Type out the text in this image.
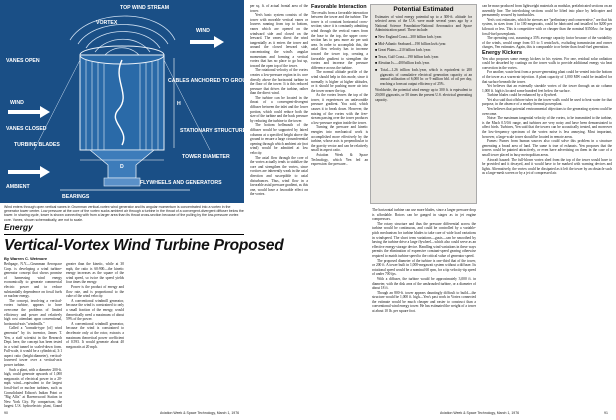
TOP WIND STREAM
VORTEX
WIND
VANES OPEN
CABLES ANCHORED TO GRO
VANES CLOSED
TURBINE BLADES
STATIONARY STRUCTURE
TOWER DIAMETER
FLYWHEELS AND GENERATORS
AMBIENT
BEARINGS
WIND
D
H
Wind enters through open vertical vanes in Grumman vertical-vortex wind generator and its angular momentum is concentrated into a vortex in the generator tower center. Low pressure at the core of the vortex sucks ambient air through a turbine in the throat of a convergent-divergent diffuser below the tower. In sharing cycle, tower is shown connecting with from a larger area than its throat cross-section because of the pulling by the low-pressure vortex core. Vanes, shown schematically, are not to scale.
Energy
Vertical-Vortex Wind Turbine Proposed
By Warren C. Wetmore

Bethpage, N.Y.—Grumman Aerospace Corp. is developing a wind turbine-generator concept that shows promise of harnessing wind energy economically to generate commercial electric power and to reduce substantially dependence on fossil fuels or nuclear energy.

The concept, involving a vertical-vortex turbine, appears to have overcome the problems of limited efficiency and power and relatively high cost attendant upon conventional, horizontal-axis "windmills."

Called a "tornado-type [of] wind generator" by its inventor, James T. Yen, a staff scientist in the Research Dept. here, the concept has been tested in a wind tunnel in scaled-down form. Full-scale, it would be a cylindrical, 3:1 aspect ratio (height:diameter), vertical-louvered tower over a vertical-axis power turbine.

Such a plant, with a diameter 200-ft. high, could generate upwards of 1,000 megawatts of electrical power in a 20-mph. wind—equivalent to the largest fossil-fuel or nuclear turbines, such as Consolidated Edison's Indian Point or "Big Allis" at Ravenswood Station in New York City. By comparison, the largest U.S. hydroelectric plant, Grand

greater than the kinetic, while at 30 mph, the ratio is 60:900—the kinetic energy increases as the square of the wind speed, so twice the speed yields four times the energy.

Power is the product of energy and flow rate, and is proportional to the cube of the wind velocity.

A conventional windmill generator, because the wind is constrained to only a small fraction of the energy, would theoretically need a maximum of about 59% of the power.

A conventional windmill generator, because the wind is constrained to decelerate only at the rotor, extracts a maximum theoretical power coefficient of 0.593. It would generate about 40 megawatts at 20 mph.

per sq. ft. of actual frontal area of the tower.

Yen's basic system consists of the tower with movable vertical vanes or louvers running from top to bottom, vanes which are opened on the windward side and closed on the leeward. The vanes direct the wind tangentially as it enters the tower and around the closed leeward side, concentrating the wind's angular momentum and forming a vertical vortex that has no place to go but up, toward the open top of the tower.

The rotational velocity of the vortex creates a low-pressure region in its core directly above the horizontal turbine in the floor of the tower. It is this reduced pressure that drives the turbine, rather than the direct wind.

The turbine can be located in the throat of a convergent-divergent diffuser between the inlet and the lower portion, which could reduce both the size of the turbine and the back pressure by reducing the turbine to the tower.

The bottom bellmouth of the diffuser would be supported by faired columns at a specified height above the ground to ensure a large circumferential opening through which ambient air (not wind) would be admitted at low velocity.

The axial flow through the core of the vortex actually tends to stabilize the core and strengthen the vortex, since vortices are inherently weak in the axial direction and susceptible to axial disturbances. Thus, wind flow in a favorable axial pressure gradient, as this one, would have a favorable effect on the vortex.

Favorable Interaction

The results from a favorable interaction between the tower and the turbine. The tower is of constant horizontal cross-section; since it is constantly admitting wind through the vertical vanes from the base to the top, the upper cross-section has to pass more air per unit area. In order to accomplish this, the axial flow velocity has to increase toward the tower top, creating a favorable gradient to strengthen the vortex and increase the pressure difference across the turbine.

The normal altitude profile of the wind should help in this mode, since it normally is higher at higher altitudes, or it should be pushing more air into the tower nearer the top.

As the vortex leaves the top of the tower, it experiences an unfavorable pressure gradient. You said, which causes it to break down. However, the mixing of the vortex with the free-stream passing over the tower produces a low-pressure region inside the tower.

Turning the pressure and kinetic energies into mechanical work is accomplished more effectively by the turbine, whose axis is perpendicular to the gravity vector and can be relatively small in aspect ratio.

Aviation Week & Space Technology, which Yen fed an expression: the pressure...

Potential Estimated

Estimates of wind energy potential up to a 300-ft. altitude for selected areas of the U.S. were made several years ago by a National Science Foundation-National Aeronautics and Space Administration panel. These include:

■ New England Coast—300 billion kwh./year.

■ Mid-Atlantic Seaboard—190 billion kwh./year.

■ Great Plains—210 billion kwh./year.

■ Texas, Gulf Coast—190 billion kwh./year.

■ Aleutian Is.—400 billion kwh./year.

■ Total—1.26 trillion kwh./year, which is equivalent to 200 gigawatts of cumulative electrical generation capacity at an annual utilization of 6,000 hr. or 9 million bbl. of oil per day, reaching a forecast output efficiency of 25%.

Worldwide, the potential wind energy up to 300 ft. is equivalent to 20,000 gigawatts, or 50 times the present U.S. electrical generating capacity.

The horizontal turbine can use more blades, since a larger pressure drop is affordable. Rotors can be ganged in stages as in jet engine compressors.

The rotary structure and thus the pressure differential across the turbine would be continuous, and could be controlled by a variable-pitch mechanism for turbine blades to take care of wide load variations in windspeed. The short term variations—gusts—can be smoothed by having the turbine drive a large flywheel—which also could serve as an effective energy-storage device. Handling wind variations in these ways permits the elimination of expensive constant-speed gearing otherwise required to match turbine speed to the critical value of generator speed.

The proposed diameter of the turbine is one-third that of the tower, or 200 ft. A tower built in 1,000-megawatt system without a diffuser. Its rotational speed would be a nominal 60 rpm, for a tip velocity-tip speed of under 700 fps.

With a diffuser, the turbine would be approximately 3,000 ft. in diameter, with the disk area of the unshrouded turbine, or a diameter of about 18 ft.

Though an 800-ft. tower appears dauntingly difficult to build—the structure would be 1,000 ft. high—Yen's past work in Vortex connected the estimate would be much cheaper and easier to construct than a conventional wind energy tower. He has estimated the weight of a tower at about 10 lb. per square foot.

can be mass-produced from lightweight materials as modular, prefabricated sections on an assembly line. The interlocking sections could be lifted into place by helicopter and permanently secured by turnbuckles.

Yen's cost estimates, which he stresses are "preliminary and conservative," are that his system, in sizes from 1 to 100 megawatts, could be fabricated and installed for $200 per kilowatt or less. This is competitive with or cheaper than the nominal $350/kw. for large fossil-fuel powerplants.

The operating cost, assuming a 35% average capacity factor because of the variability of the winds, would range from 0.5 to 3 cents/kwh., excluding transmission and owner charges, Yen estimates. Again, this is comparable to or better than fossil-fuel generation.

Energy Kickers

Yen also proposes some energy kickers to his system. For one, residual solar radiation could be absorbed by coatings on the tower walls to provide additional energy via heat convection in the vortex.

For another, waste heat from a power-generating plant could be vented into the bottom of the tower as a warm-air injection. A plant capacity of 1,000 MW could be installed for that surface beneath the tower.

Yet believes that an externally sizeable vortex of the tower through an air column 1,000 ft. high is located some hundred feet below the surface.

Turbine blades could be enhanced by a flywheel.

Yet also said that offshore tubes in the tower walls could be used to heat water for that purpose, in the absence of a nearby thermal powerplant.

Yen believes that potential environmental objections to the generating system could be overcome.

Noise: The maximum tangential velocity of the vortex, to be transmitted to the turbine, is the Mach 0.5/0.6 range, and turbines are very noisy and have been demonstrated to affect birds. Turbines, Yen said that the towers can be acoustically treated, and moreover the low-frequency spectrum of the vortex noise is less annoying. Most important, however, a large-scale tower should be located in remote areas.

Fumes: Fumes from human sources also could solve this problem in a structure generating a broad area of land. The same is true of exhausts. Yen proposes that the towers could be painted attractively, or even have advertising on them in the case of a small tower placed in busy metropolitan areas.

Aircraft hazard: The full-blown vortex shed from the top of the tower would have to be provided and it decayed, and it would have to be marked with warning devices and lights. Alternatively, the vortex could be dissipated as it left the tower by an obstacle such as a large-mesh screen or by a jet of compressed air.

90	Aviation Week & Space Technology, March 1, 1976	Aviation Week & Space Technology, March 1, 1976	91
